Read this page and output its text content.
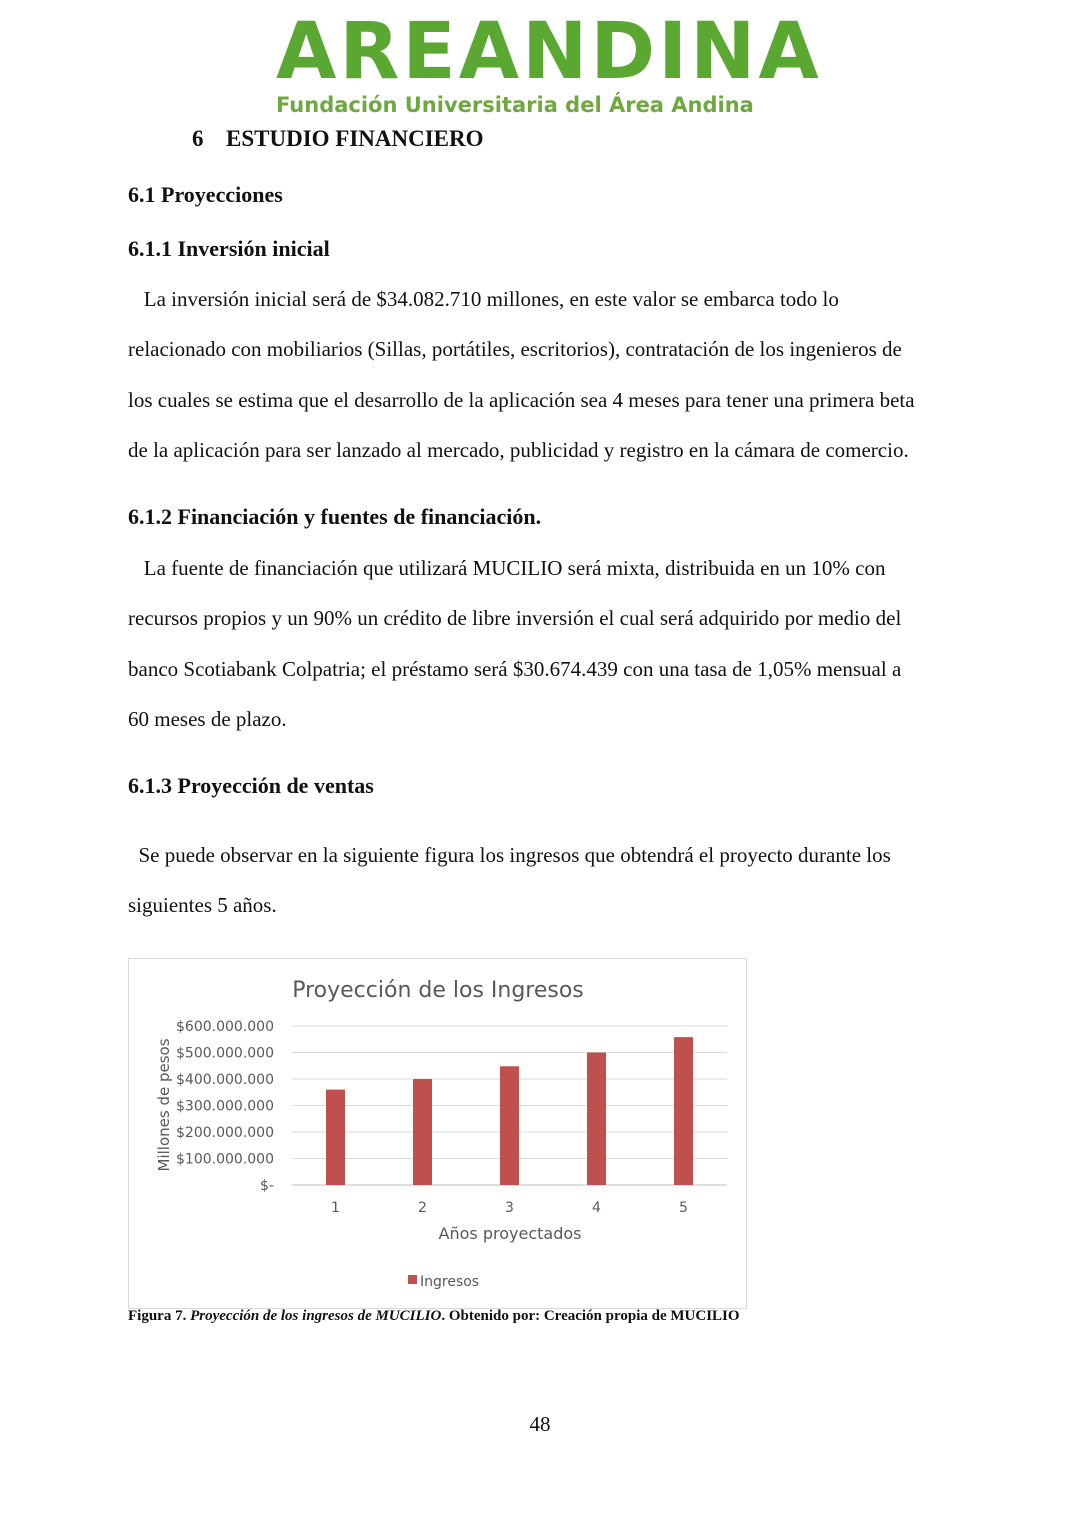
AREANDINA
Fundación Universitaria del Área Andina
6 ESTUDIO FINANCIERO
6.1 Proyecciones
6.1.1 Inversión inicial
La inversión inicial será de $34.082.710 millones, en este valor se embarca todo lo
relacionado con mobiliarios (Sillas, portátiles, escritorios), contratación de los ingenieros de
los cuales se estima que el desarrollo de la aplicación sea 4 meses para tener una primera beta
de la aplicación para ser lanzado al mercado, publicidad y registro en la cámara de comercio.
6.1.2 Financiación y fuentes de financiación.
La fuente de financiación que utilizará MUCILIO será mixta, distribuida en un 10% con
recursos propios y un 90% un crédito de libre inversión el cual será adquirido por medio del
banco Scotiabank Colpatria; el préstamo será $30.674.439 con una tasa de 1,05% mensual a
60 meses de plazo.
6.1.3 Proyección de ventas
Se puede observar en la siguiente figura los ingresos que obtendrá el proyecto durante los
siguientes 5 años.
Proyección de los Ingresos
$-
$100.000.000
$200.000.000
$300.000.000
$400.000.000
$500.000.000
$600.000.000
Millones de pesos
1	2	3	4	5
Años proyectados
Ingresos
Figura 7. Proyección de los ingresos de MUCILIO. Obtenido por: Creación propia de MUCILIO
48
